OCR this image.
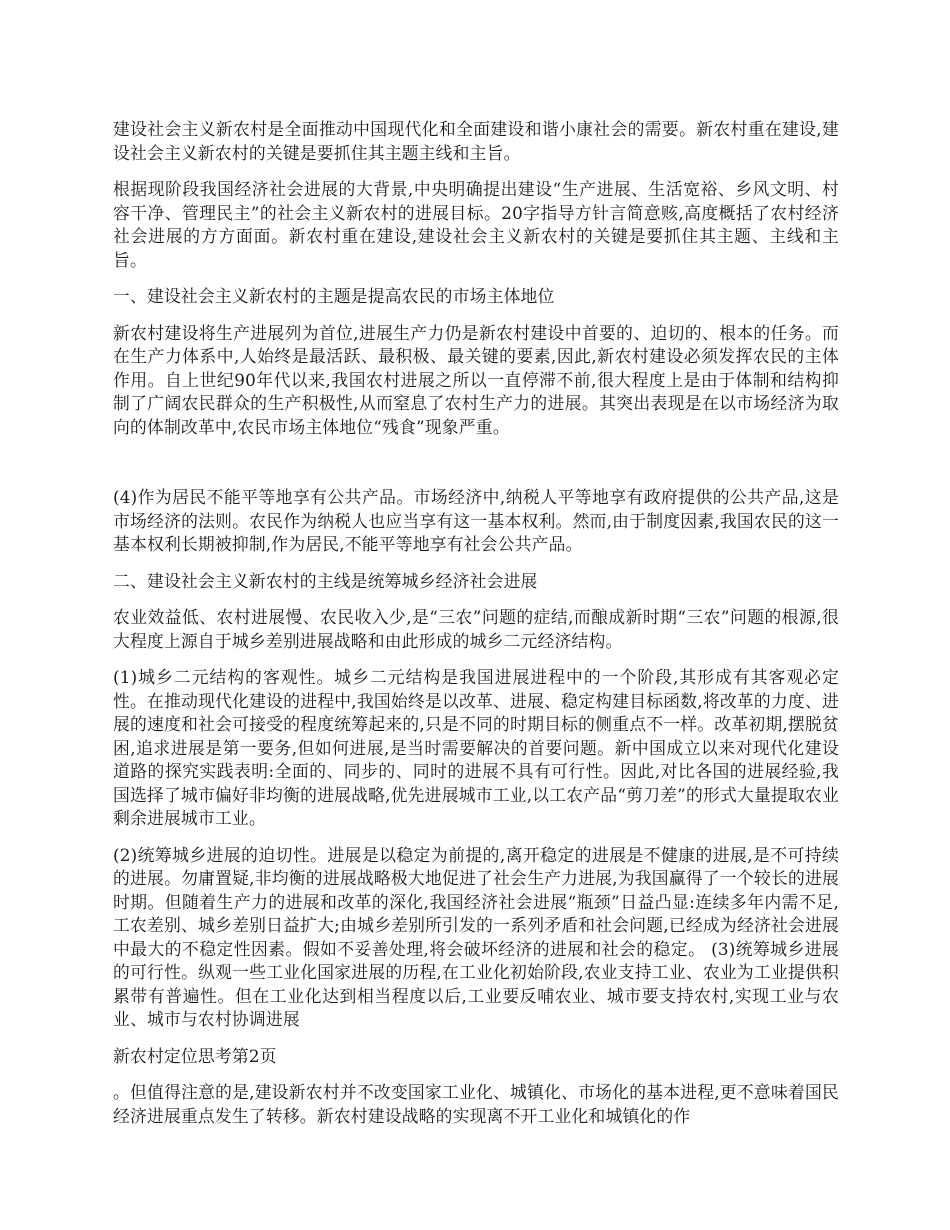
建设社会主义新农村是全面推动中国现代化和全面建设和谐小康社会的需要。新农村重在建设,建设社会主义新农村的关键是要抓住其主题主线和主旨。

根据现阶段我国经济社会进展的大背景,中央明确提出建设“生产进展、生活宽裕、乡风文明、村容干净、管理民主”的社会主义新农村的进展目标。20字指导方针言简意赅,高度概括了农村经济社会进展的方方面面。新农村重在建设,建设社会主义新农村的关键是要抓住其主题、主线和主旨。

一、建设社会主义新农村的主题是提高农民的市场主体地位

新农村建设将生产进展列为首位,进展生产力仍是新农村建设中首要的、迫切的、根本的任务。而在生产力体系中,人始终是最活跃、最积极、最关键的要素,因此,新农村建设必须发挥农民的主体作用。自上世纪90年代以来,我国农村进展之所以一直停滞不前,很大程度上是由于体制和结构抑制了广阔农民群众的生产积极性,从而窒息了农村生产力的进展。其突出表现是在以市场经济为取向的体制改革中,农民市场主体地位“残食”现象严重。

(4)作为居民不能平等地享有公共产品。市场经济中,纳税人平等地享有政府提供的公共产品,这是市场经济的法则。农民作为纳税人也应当享有这一基本权利。然而,由于制度因素,我国农民的这一基本权利长期被抑制,作为居民,不能平等地享有社会公共产品。

二、建设社会主义新农村的主线是统筹城乡经济社会进展

农业效益低、农村进展慢、农民收入少,是“三农”问题的症结,而酿成新时期“三农”问题的根源,很大程度上源自于城乡差别进展战略和由此形成的城乡二元经济结构。

(1)城乡二元结构的客观性。城乡二元结构是我国进展进程中的一个阶段,其形成有其客观必定性。在推动现代化建设的进程中,我国始终是以改革、进展、稳定构建目标函数,将改革的力度、进展的速度和社会可接受的程度统筹起来的,只是不同的时期目标的侧重点不一样。改革初期,摆脱贫困,追求进展是第一要务,但如何进展,是当时需要解决的首要问题。新中国成立以来对现代化建设道路的探究实践表明:全面的、同步的、同时的进展不具有可行性。因此,对比各国的进展经验,我国选择了城市偏好非均衡的进展战略,优先进展城市工业,以工农产品“剪刀差”的形式大量提取农业剩余进展城市工业。

(2)统筹城乡进展的迫切性。进展是以稳定为前提的,离开稳定的进展是不健康的进展,是不可持续的进展。勿庸置疑,非均衡的进展战略极大地促进了社会生产力进展,为我国赢得了一个较长的进展时期。但随着生产力的进展和改革的深化,我国经济社会进展“瓶颈”日益凸显:连续多年内需不足,工农差别、城乡差别日益扩大;由城乡差别所引发的一系列矛盾和社会问题,已经成为经济社会进展中最大的不稳定性因素。假如不妥善处理,将会破坏经济的进展和社会的稳定。 (3)统筹城乡进展的可行性。纵观一些工业化国家进展的历程,在工业化初始阶段,农业支持工业、农业为工业提供积累带有普遍性。但在工业化达到相当程度以后,工业要反哺农业、城市要支持农村,实现工业与农业、城市与农村协调进展

新农村定位思考第2页

。但值得注意的是,建设新农村并不改变国家工业化、城镇化、市场化的基本进程,更不意味着国民经济进展重点发生了转移。新农村建设战略的实现离不开工业化和城镇化的作
